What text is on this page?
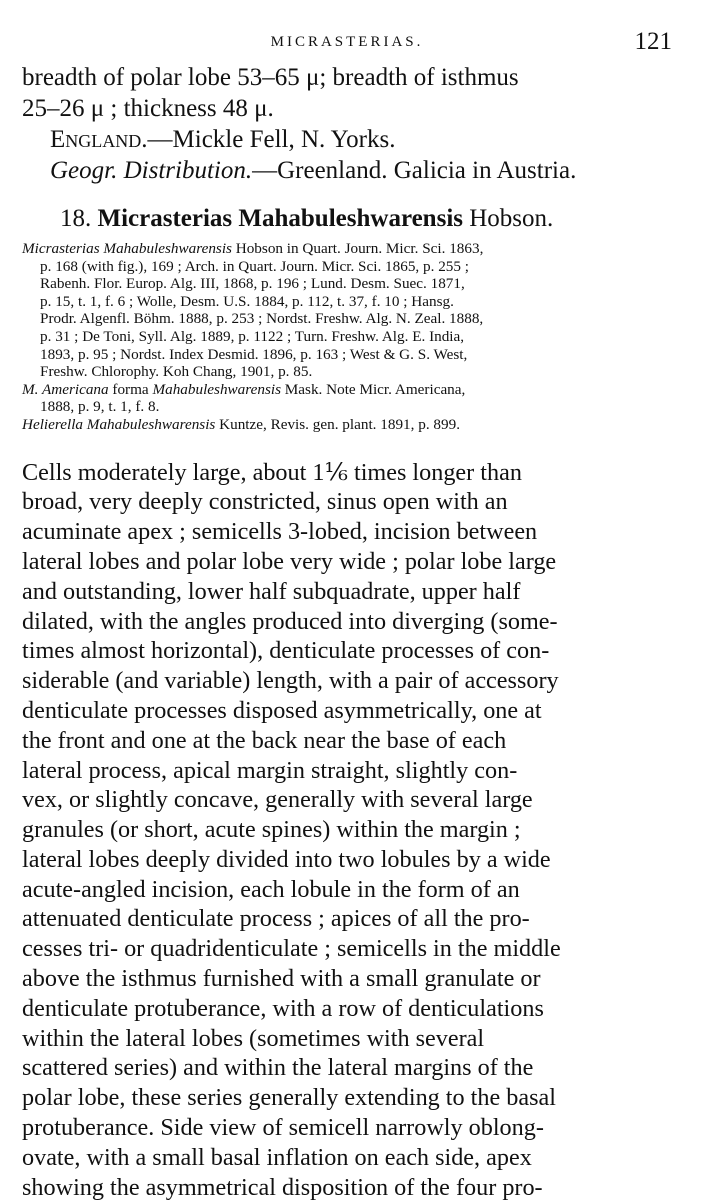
MICRASTERIAS.	121

breadth of polar lobe 53–65 μ; breadth of isthmus

25–26 μ ; thickness 48 μ.

England.—Mickle Fell, N. Yorks.

Geogr. Distribution.—Greenland. Galicia in Austria.

18. Micrasterias Mahabuleshwarensis Hobson.
Micrasterias Mahabuleshwarensis Hobson in Quart. Journ. Micr. Sci. 1863,
p. 168 (with fig.), 169 ; Arch. in Quart. Journ. Micr. Sci. 1865, p. 255 ;
Rabenh. Flor. Europ. Alg. III, 1868, p. 196 ; Lund. Desm. Suec. 1871,
p. 15, t. 1, f. 6 ; Wolle, Desm. U.S. 1884, p. 112, t. 37, f. 10 ; Hansg.
Prodr. Algenfl. Böhm. 1888, p. 253 ; Nordst. Freshw. Alg. N. Zeal. 1888,
p. 31 ; De Toni, Syll. Alg. 1889, p. 1122 ; Turn. Freshw. Alg. E. India,
1893, p. 95 ; Nordst. Index Desmid. 1896, p. 163 ; West & G. S. West,
Freshw. Chlorophy. Koh Chang, 1901, p. 85.
M. Americana forma Mahabuleshwarensis Mask. Note Micr. Americana,
1888, p. 9, t. 1, f. 8.
Helierella Mahabuleshwarensis Kuntze, Revis. gen. plant. 1891, p. 899.
Cells moderately large, about 1⅙ times longer than
broad, very deeply constricted, sinus open with an
acuminate apex ; semicells 3-lobed, incision between
lateral lobes and polar lobe very wide ; polar lobe large
and outstanding, lower half subquadrate, upper half
dilated, with the angles produced into diverging (some-
times almost horizontal), denticulate processes of con-
siderable (and variable) length, with a pair of accessory
denticulate processes disposed asymmetrically, one at
the front and one at the back near the base of each
lateral process, apical margin straight, slightly con-
vex, or slightly concave, generally with several large
granules (or short, acute spines) within the margin ;
lateral lobes deeply divided into two lobules by a wide
acute-angled incision, each lobule in the form of an
attenuated denticulate process ; apices of all the pro-
cesses tri- or quadridenticulate ; semicells in the middle
above the isthmus furnished with a small granulate or
denticulate protuberance, with a row of denticulations
within the lateral lobes (sometimes with several
scattered series) and within the lateral margins of the
polar lobe, these series generally extending to the basal
protuberance. Side view of semicell narrowly oblong-
ovate, with a small basal inflation on each side, apex
showing the asymmetrical disposition of the four pro-
